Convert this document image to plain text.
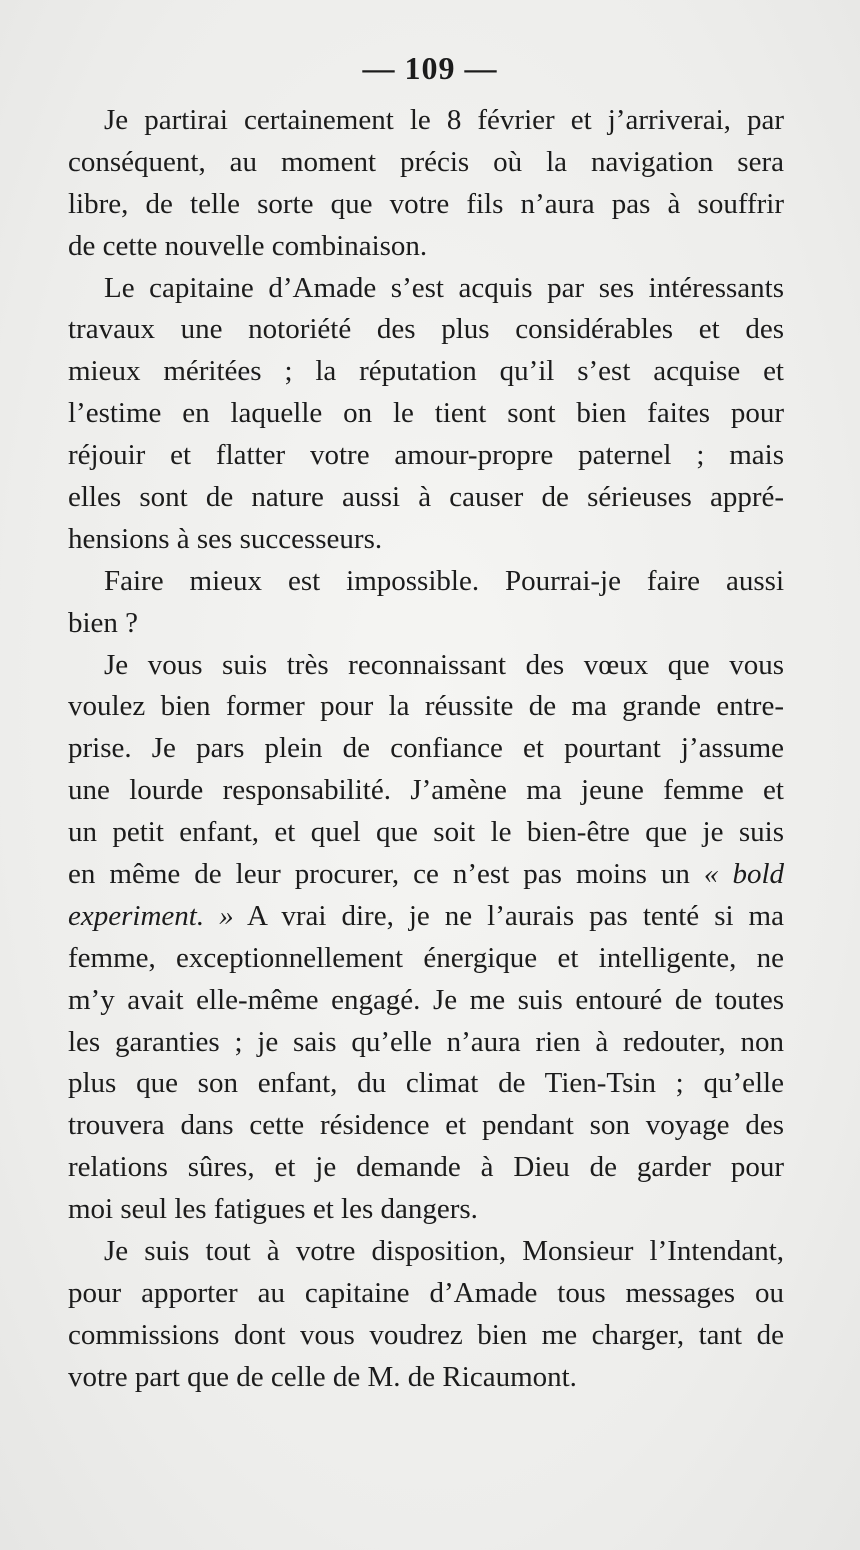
— 109 —
Je partirai certainement le 8 février et j’arriverai, par
conséquent, au moment précis où la navigation sera
libre, de telle sorte que votre fils n’aura pas à souffrir
de cette nouvelle combinaison.
Le capitaine d’Amade s’est acquis par ses intéressants
travaux une notoriété des plus considérables et des
mieux méritées ; la réputation qu’il s’est acquise et
l’estime en laquelle on le tient sont bien faites pour
réjouir et flatter votre amour-propre paternel ; mais
elles sont de nature aussi à causer de sérieuses appré-
hensions à ses successeurs.
Faire mieux est impossible. Pourrai-je faire aussi
bien ?
Je vous suis très reconnaissant des vœux que vous
voulez bien former pour la réussite de ma grande entre-
prise. Je pars plein de confiance et pourtant j’assume
une lourde responsabilité. J’amène ma jeune femme et
un petit enfant, et quel que soit le bien-être que je suis
en même de leur procurer, ce n’est pas moins un « bold
experiment. » A vrai dire, je ne l’aurais pas tenté si ma
femme, exceptionnellement énergique et intelligente, ne
m’y avait elle-même engagé. Je me suis entouré de toutes
les garanties ; je sais qu’elle n’aura rien à redouter, non
plus que son enfant, du climat de Tien-Tsin ; qu’elle
trouvera dans cette résidence et pendant son voyage des
relations sûres, et je demande à Dieu de garder pour
moi seul les fatigues et les dangers.
Je suis tout à votre disposition, Monsieur l’Intendant,
pour apporter au capitaine d’Amade tous messages ou
commissions dont vous voudrez bien me charger, tant de
votre part que de celle de M. de Ricaumont.
